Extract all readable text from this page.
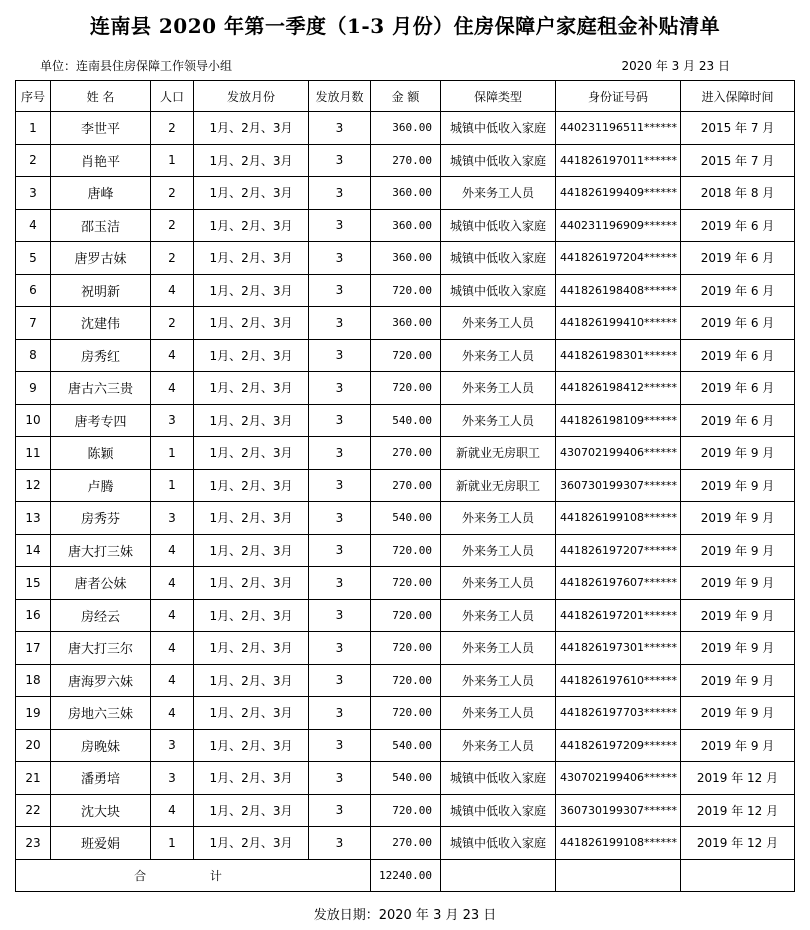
连南县 2020 年第一季度（1-3 月份）住房保障户家庭租金补贴清单
单位：连南县住房保障工作领导小组	2020 年 3 月 23 日
序号	姓 名	人口	发放月份	发放月数	金 额	保障类型	身份证号码	进入保障时间
1	李世平	2	1月、2月、3月	3	360.00	城镇中低收入家庭	440231196511******	2015 年 7 月
2	肖艳平	1	1月、2月、3月	3	270.00	城镇中低收入家庭	441826197011******	2015 年 7 月
3	唐峰	2	1月、2月、3月	3	360.00	外来务工人员	441826199409******	2018 年 8 月
4	邵玉洁	2	1月、2月、3月	3	360.00	城镇中低收入家庭	440231196909******	2019 年 6 月
5	唐罗古妹	2	1月、2月、3月	3	360.00	城镇中低收入家庭	441826197204******	2019 年 6 月
6	祝明新	4	1月、2月、3月	3	720.00	城镇中低收入家庭	441826198408******	2019 年 6 月
7	沈建伟	2	1月、2月、3月	3	360.00	外来务工人员	441826199410******	2019 年 6 月
8	房秀红	4	1月、2月、3月	3	720.00	外来务工人员	441826198301******	2019 年 6 月
9	唐古六三贵	4	1月、2月、3月	3	720.00	外来务工人员	441826198412******	2019 年 6 月
10	唐考专四	3	1月、2月、3月	3	540.00	外来务工人员	441826198109******	2019 年 6 月
11	陈颖	1	1月、2月、3月	3	270.00	新就业无房职工	430702199406******	2019 年 9 月
12	卢腾	1	1月、2月、3月	3	270.00	新就业无房职工	360730199307******	2019 年 9 月
13	房秀芬	3	1月、2月、3月	3	540.00	外来务工人员	441826199108******	2019 年 9 月
14	唐大打三妹	4	1月、2月、3月	3	720.00	外来务工人员	441826197207******	2019 年 9 月
15	唐者公妹	4	1月、2月、3月	3	720.00	外来务工人员	441826197607******	2019 年 9 月
16	房经云	4	1月、2月、3月	3	720.00	外来务工人员	441826197201******	2019 年 9 月
17	唐大打三尔	4	1月、2月、3月	3	720.00	外来务工人员	441826197301******	2019 年 9 月
18	唐海罗六妹	4	1月、2月、3月	3	720.00	外来务工人员	441826197610******	2019 年 9 月
19	房地六三妹	4	1月、2月、3月	3	720.00	外来务工人员	441826197703******	2019 年 9 月
20	房晚妹	3	1月、2月、3月	3	540.00	外来务工人员	441826197209******	2019 年 9 月
21	潘勇培	3	1月、2月、3月	3	540.00	城镇中低收入家庭	430702199406******	2019 年 12 月
22	沈大块	4	1月、2月、3月	3	720.00	城镇中低收入家庭	360730199307******	2019 年 12 月
23	班爱娟	1	1月、2月、3月	3	270.00	城镇中低收入家庭	441826199108******	2019 年 12 月
合 计					12240.00			
发放日期：2020 年 3 月 23 日
